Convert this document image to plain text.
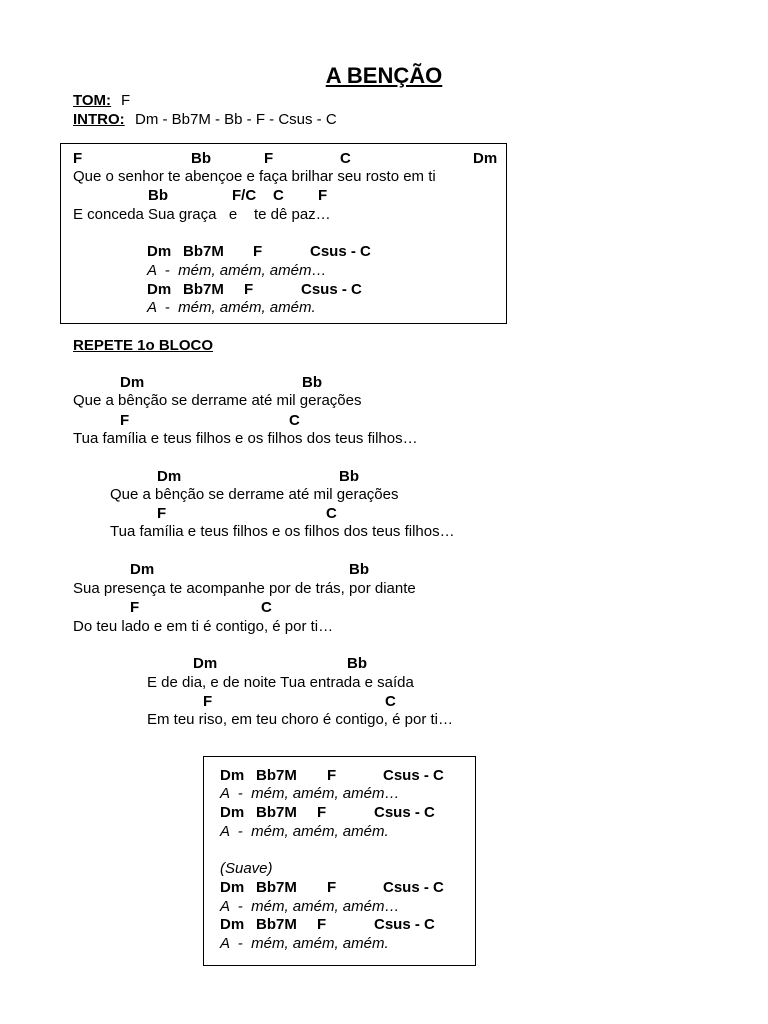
A BENÇÃO
TOM: F
INTRO: Dm - Bb7M - Bb - F - Csus - C
F	Bb	F	C	Dm
Que o senhor te abençoe e faça brilhar seu rosto em ti
Bb	F/C C F
E conceda Sua graça   e    te dê paz…
Dm Bb7M F	Csus - C
A  -  mém, amém, amém…
Dm Bb7M F	Csus - C
A  -  mém, amém, amém.
REPETE 1o BLOCO
Dm	Bb
Que a bênção se derrame até mil gerações
F	C
Tua família e teus filhos e os filhos dos teus filhos…
Dm	Bb
Que a bênção se derrame até mil gerações
F	C
Tua família e teus filhos e os filhos dos teus filhos…
Dm	Bb
Sua presença te acompanhe por de trás, por diante
F	C
Do teu lado e em ti é contigo, é por ti…
Dm	Bb
E de dia, e de noite Tua entrada e saída
F	C
Em teu riso, em teu choro é contigo, é por ti…
Dm Bb7M F	Csus - C
A  -  mém, amém, amém…
Dm Bb7M F	Csus - C
A  -  mém, amém, amém.
(Suave)
Dm Bb7M F	Csus - C
A  -  mém, amém, amém…
Dm Bb7M F	Csus - C
A  -  mém, amém, amém.
